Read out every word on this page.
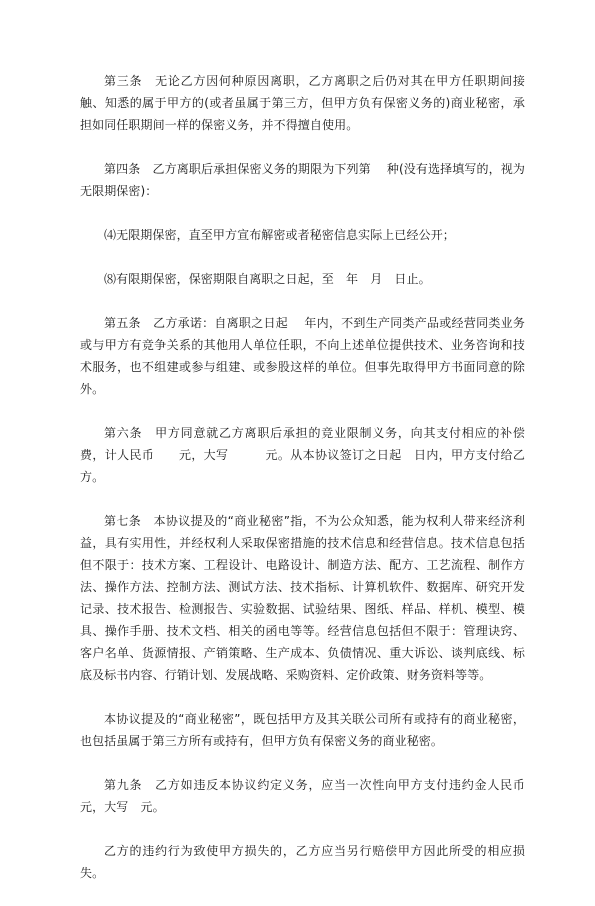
第三条　无论乙方因何种原因离职，乙方离职之后仍对其在甲方任职期间接触、知悉的属于甲方的(或者虽属于第三方，但甲方负有保密义务的)商业秘密，承担如同任职期间一样的保密义务，并不得擅自使用。

第四条　乙方离职后承担保密义务的期限为下列第　 种(没有选择填写的，视为无限期保密)：

⑷无限期保密，直至甲方宣布解密或者秘密信息实际上已经公开；

⑻有限期保密，保密期限自离职之日起，至　年　月　日止。

第五条　乙方承诺：自离职之日起　 年内，不到生产同类产品或经营同类业务或与甲方有竞争关系的其他用人单位任职，不向上述单位提供技术、业务咨询和技术服务，也不组建或参与组建、或参股这样的单位。但事先取得甲方书面同意的除外。

第六条　甲方同意就乙方离职后承担的竞业限制义务，向其支付相应的补偿费，计人民币　　元，大写　　　元。从本协议签订之日起　日内，甲方支付给乙方。

第七条　本协议提及的“商业秘密”指，不为公众知悉，能为权利人带来经济利益，具有实用性，并经权利人采取保密措施的技术信息和经营信息。技术信息包括但不限于：技术方案、工程设计、电路设计、制造方法、配方、工艺流程、制作方法、操作方法、控制方法、测试方法、技术指标、计算机软件、数据库、研究开发记录、技术报告、检测报告、实验数据、试验结果、图纸、样品、样机、模型、模具、操作手册、技术文档、相关的函电等等。经营信息包括但不限于：管理诀窍、客户名单、货源情报、产销策略、生产成本、负债情况、重大诉讼、谈判底线、标底及标书内容、行销计划、发展战略、采购资料、定价政策、财务资料等等。

本协议提及的“商业秘密”，既包括甲方及其关联公司所有或持有的商业秘密，也包括虽属于第三方所有或持有，但甲方负有保密义务的商业秘密。

第九条　乙方如违反本协议约定义务，应当一次性向甲方支付违约金人民币　元，大写　元。

乙方的违约行为致使甲方损失的，乙方应当另行赔偿甲方因此所受的相应损失。
